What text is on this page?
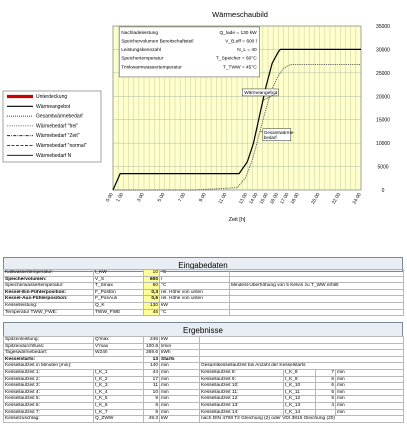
Wärmeschaubild
0
5000
10000
15000
20000
25000
30000
35000
0.00 1.00 3.00 5.00 7.00 9.00 11.00 13.00 14.00 15.00 16.00 17.00 18.00 20.00 22.00 24.00
Zeit [h]
Wärmeangebot
Gesamtwärme-
bedarf
Unterdeckung
Wärmeangebot
Gesamtwärmebedarf
Wärmebedarf "frei"
Wärmebedarf "Zeit"
Wärmebedarf "normal"
Wärmebedarf N
Nachladeleistung	Q_lade = 130 kW
Speichervolumen Bereitschaftsteil	V_B,eff = 600 l
Leistungskennzahl	N_L = 40
Speichertemperatur	T_Speicher = 60°C
Trinkwarmwassertemperatur	T_TWW = 45°C
Eingabedaten
Kaltwassertemperatur:	t_KW	10	°C	
Speichervolumen:	V_S	600	l	
Speicherwassertemperatur:	T_Smax	60	°C	Mindest-Überhöhung von 5 Kelvin zu T_WW erfüllt
Kessel-Ein-Fühlerposition:	F_PosEin	0,3	rel. Höhe von unten	
Kessel-Aus-Fühlerposition:	F_PosAus	0,6	rel. Höhe von unten	
Kesselleistung:	Q_K	130	kW	
Temperatur TWW_FWE:	TWW_FWE	45	°C	
Ergebnisse
Spitzenleistung:	Q'max	246	kW				
Spitzendurchfluss:	V'max	100.8	l/min				
Tageswärmebedarf:	W24h	269.6	kWh				
Kesselstarts:		13	Starts				
Kessellaufzeit in Minuten [min]:		140	min	Gesamtkessellaufzeit bis Anzahl der Kesselstarts			
Kessellaufzeit 1:	t_K_1	44	min	Kessellaufzeit 8:	t_K_8	7	min
Kessellaufzeit 2:	t_K_2	17	min	Kessellaufzeit 9:	t_K_9	6	min
Kessellaufzeit 3:	t_K_3	11	min	Kessellaufzeit 10:	t_K_10	6	min
Kessellaufzeit 4:	t_K_4	10	min	Kessellaufzeit 11:	t_K_11	5	min
Kessellaufzeit 5:	t_K_5	9	min	Kessellaufzeit 12:	t_K_12	5	min
Kessellaufzeit 6:	t_K_6	8	min	Kessellaufzeit 13:	t_K_13	4	min
Kessellaufzeit 7:	t_K_7	8	min	Kessellaufzeit 14:	t_K_14		min
Kesselzuschlag:	Q_ZWW	49.3	kW	nach DIN 4708 T2 Gleichung (2) oder VDI 3815 Gleichung (20)			
